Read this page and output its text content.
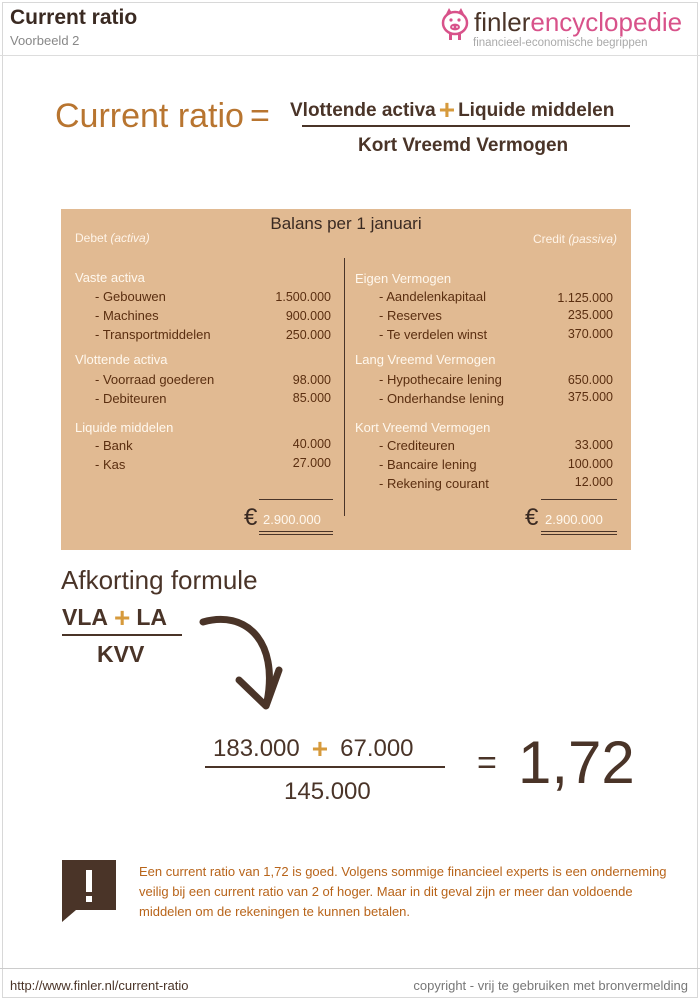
Current ratio
Voorbeeld 2
finlerencyclopedie
financieel-economische begrippen
Current ratio = Vlottende activa + Liquide middelen
Kort Vreemd Vermogen
Balans per 1 januari
Debet (activa)	Credit (passiva)
Vaste activa
- Gebouwen	1.500.000
- Machines	900.000
- Transportmiddelen	250.000
Vlottende activa
- Voorraad goederen	98.000
- Debiteuren	85.000
Liquide middelen
- Bank	40.000
- Kas	27.000
€ 2.900.000
Eigen Vermogen
- Aandelenkapitaal	1.125.000
- Reserves	235.000
- Te verdelen winst	370.000
Lang Vreemd Vermogen
- Hypothecaire lening	650.000
- Onderhandse lening	375.000
Kort Vreemd Vermogen
- Crediteuren	33.000
- Bancaire lening	100.000
- Rekening courant	12.000
€ 2.900.000
Afkorting formule
VLA + LA
KVV
183.000 + 67.000
145.000
= 1,72
Een current ratio van 1,72 is goed. Volgens sommige financieel experts is een onderneming veilig bij een current ratio van 2 of hoger. Maar in dit geval zijn er meer dan voldoende middelen om de rekeningen te kunnen betalen.
http://www.finler.nl/current-ratio	copyright - vrij te gebruiken met bronvermelding
